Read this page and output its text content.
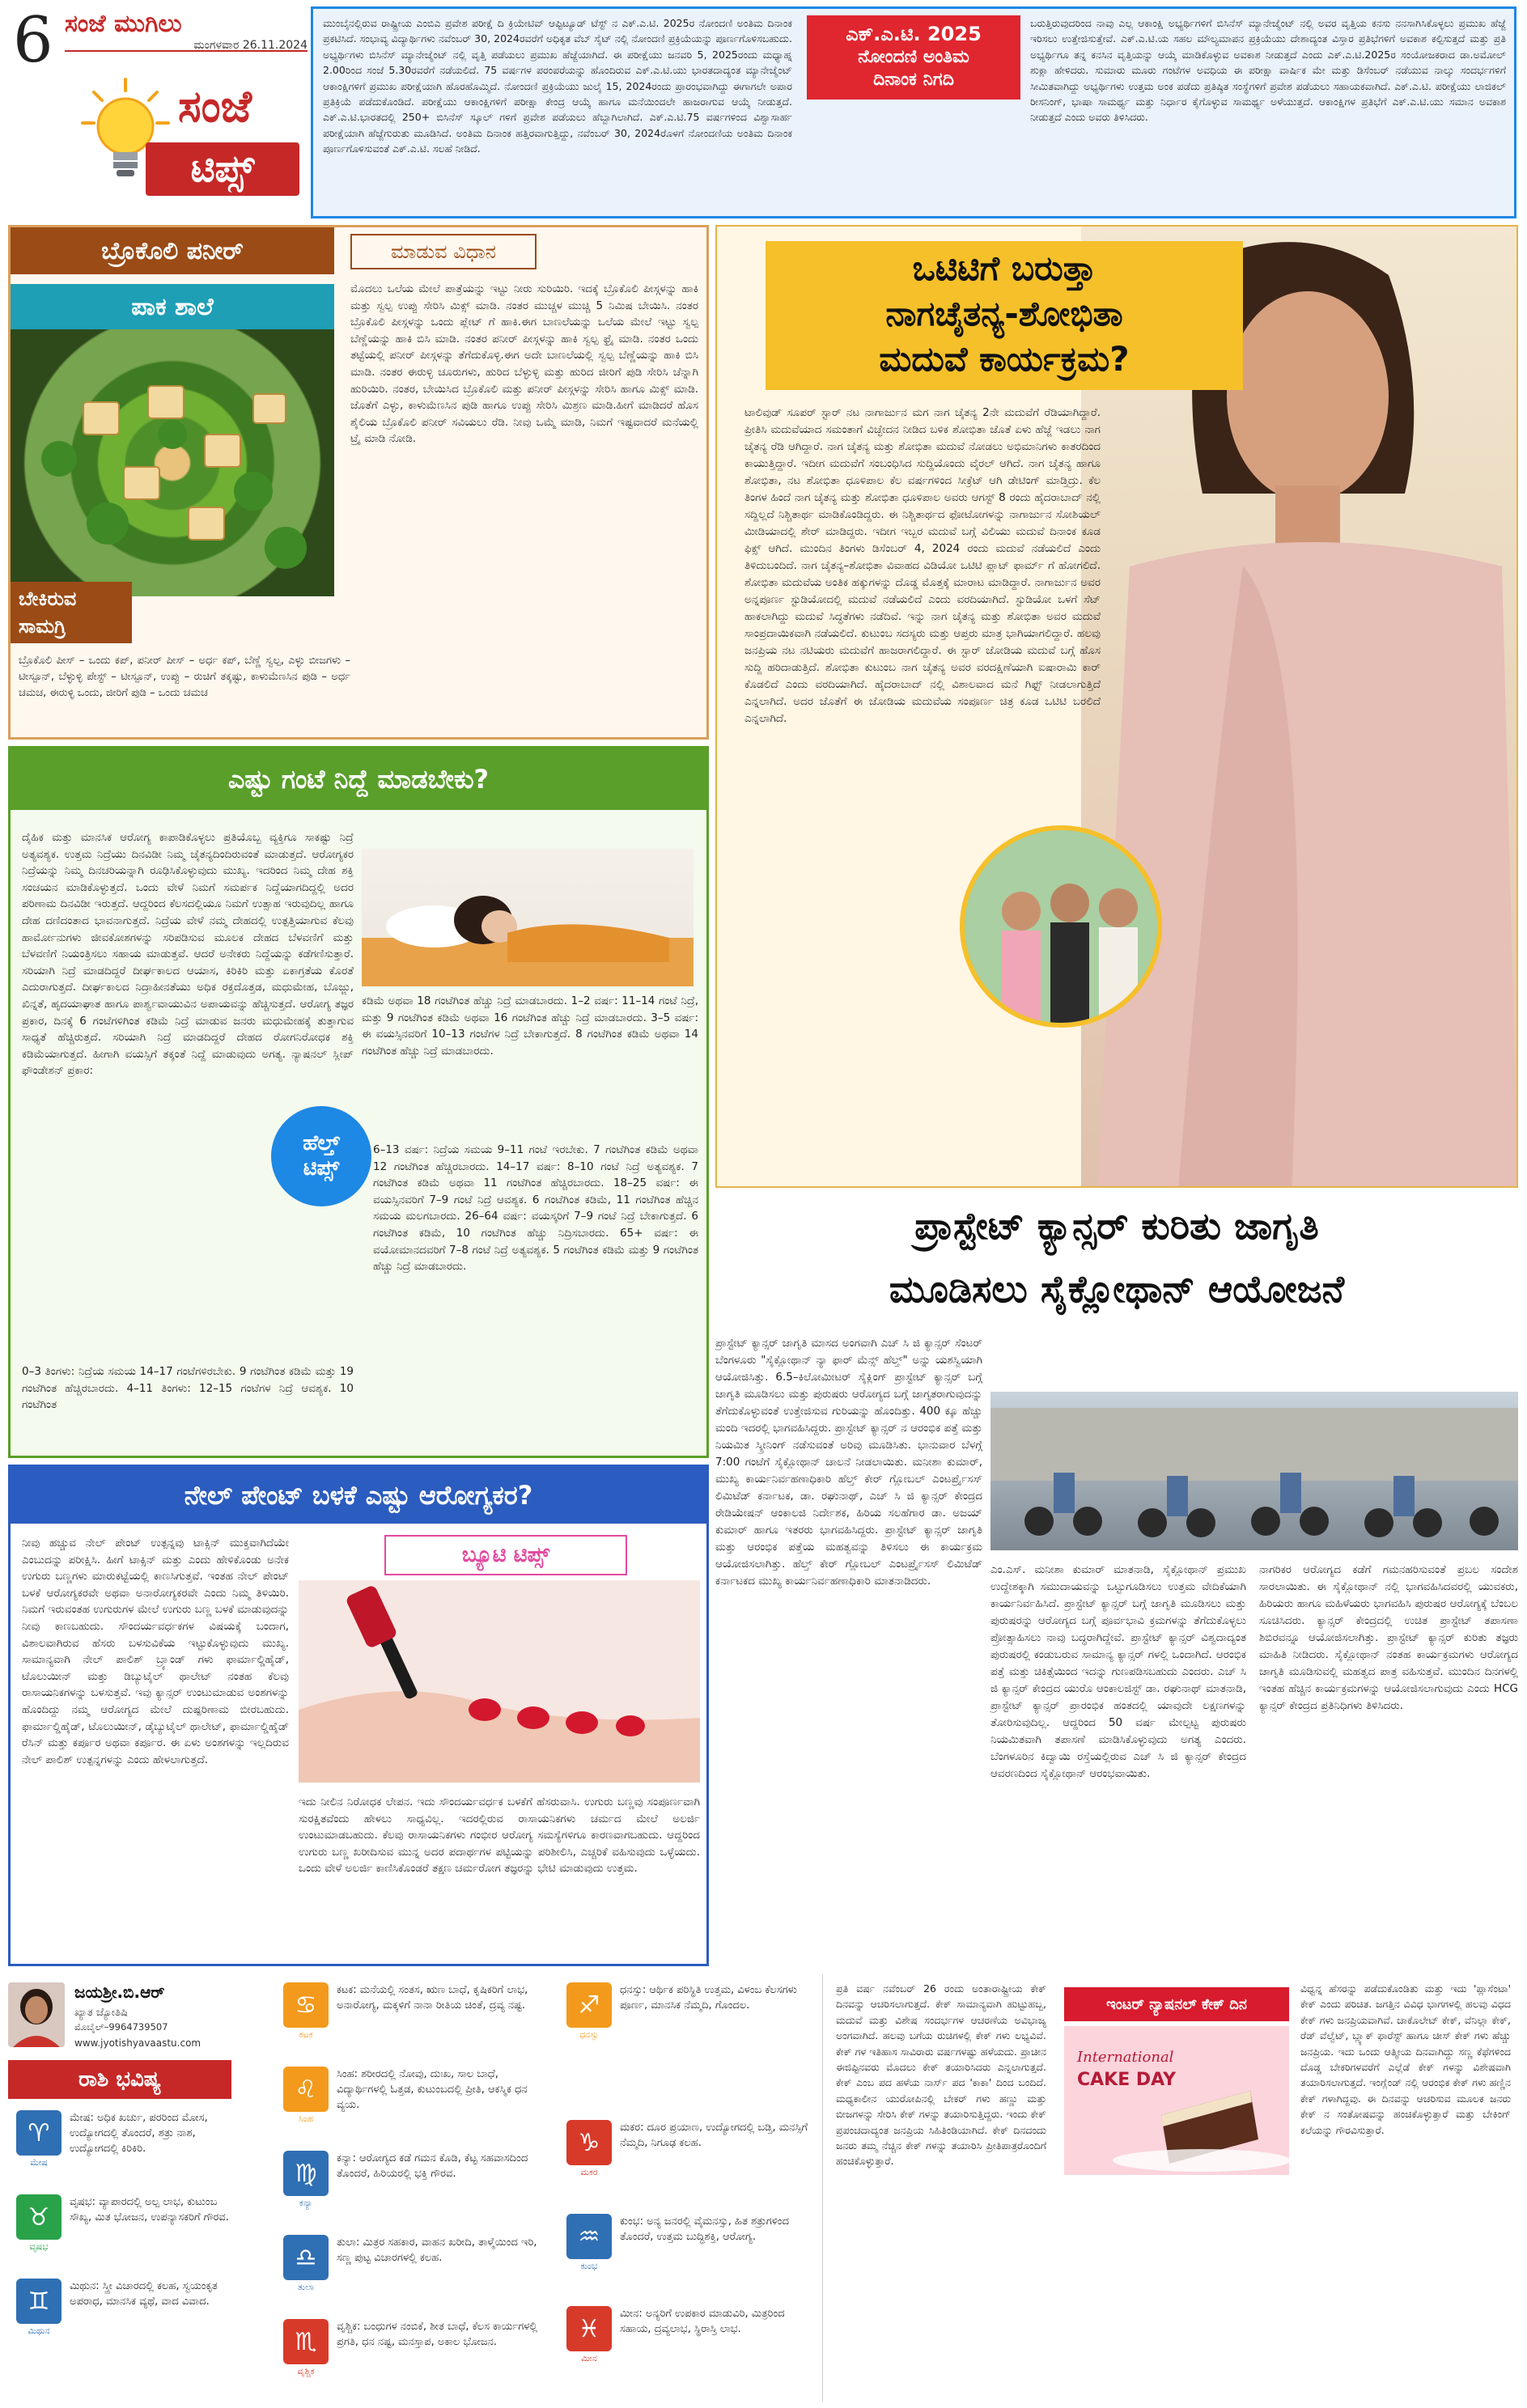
6 ಸಂಜೆ ಮುಗಿಲು
ಮಂಗಳವಾರ 26.11.2024
ಸಂಜೆ
ಟಿಪ್ಸ್

ಮುಂಬೈನಲ್ಲಿರುವ ರಾಷ್ಟ್ರೀಯ ಎಂಬಿಎ ಪ್ರವೇಶ ಪರೀಕ್ಷೆ ದಿ ಕ್ರಿಯೇಟಿವ್ ಆಪ್ಟಿಟ್ಯೂಡ್ ಟೆಸ್ಟ್ ನ ಎಕ್.ಎ.ಟಿ. 2025ರ ನೋಂದಣಿ ಅಂತಿಮ ದಿನಾಂಕ ಪ್ರಕಟಿಸಿದೆ. ಸಂಭಾವ್ಯ ವಿದ್ಯಾರ್ಥಿಗಳು ನವೆಂಬರ್ 30, 2024ರವರೆಗೆ ಅಧಿಕೃತ ವೆಬ್ ಸೈಟ್ ನಲ್ಲಿ ನೋಂದಣಿ ಪ್ರಕ್ರಿಯೆಯನ್ನು ಪೂರ್ಣಗೊಳಿಸಬಹುದು. ಅಭ್ಯರ್ಥಿಗಳು ಬಿಸಿನೆಸ್ ಮ್ಯಾನೇಜ್ಮೆಂಟ್ ನಲ್ಲಿ ವೃತ್ತಿ ಪಡೆಯಲು ಪ್ರಮುಖ ಹೆಜ್ಜೆಯಾಗಿದೆ. ಈ ಪರೀಕ್ಷೆಯು ಜನವರಿ 5, 2025ರಂದು ಮಧ್ಯಾಹ್ನ 2.00ರಿಂದ ಸಂಜೆ 5.30ರವರೆಗೆ ನಡೆಯಲಿದೆ. 75 ವರ್ಷಗಳ ಪರಂಪರೆಯನ್ನು ಹೊಂದಿರುವ ಎಕ್.ಎ.ಟಿ.ಯು ಭಾರತದಾದ್ಯಂತ ಮ್ಯಾನೇಜ್ಮೆಂಟ್ ಆಕಾಂಕ್ಷಿಗಳಿಗೆ ಪ್ರಮುಖ ಪರೀಕ್ಷೆಯಾಗಿ ಹೊರಹೊಮ್ಮಿದೆ. ನೋಂದಣಿ ಪ್ರಕ್ರಿಯೆಯು ಜುಲೈ 15, 2024ರಂದು ಪ್ರಾರಂಭವಾಗಿದ್ದು ಈಗಾಗಲೇ ಅಪಾರ ಪ್ರತಿಕ್ರಿಯೆ ಪಡೆದುಕೊಂಡಿದೆ. ಪರೀಕ್ಷೆಯು ಆಕಾಂಕ್ಷಿಗಳಿಗೆ ಪರೀಕ್ಷಾ ಕೇಂದ್ರ ಆಯ್ಕೆ ಹಾಗೂ ಮನೆಯಿಂದಲೇ ಹಾಜರಾಗುವ ಆಯ್ಕೆ ನೀಡುತ್ತದೆ. ಎಕ್.ಎ.ಟಿ.ಭಾರತದಲ್ಲಿ 250+ ಬಿಸಿನೆಸ್ ಸ್ಕೂಲ್ ಗಳಿಗೆ ಪ್ರವೇಶ ಪಡೆಯಲು ಹೆಬ್ಬಾಗಿಲಾಗಿದೆ. ಎಕ್.ಎ.ಟಿ.75 ವರ್ಷಗಳಿಂದ ವಿಶ್ವಾಸಾರ್ಹ ಪರೀಕ್ಷೆಯಾಗಿ ಹೆಜ್ಜೆಗುರುತು ಮೂಡಿಸಿದೆ. ಅಂತಿಮ ದಿನಾಂಕ ಹತ್ತಿರವಾಗುತ್ತಿದ್ದು, ನವೆಂಬರ್ 30, 2024ರೊಳಗೆ ನೋಂದಣಿಯ ಅಂತಿಮ ದಿನಾಂಕ ಪೂರ್ಣಗೊಳಿಸುವಂತೆ ಎಕ್.ಎ.ಟಿ. ಸಲಹೆ ನೀಡಿದೆ.

ಎಕ್.ಎ.ಟಿ. 2025
ನೋಂದಣಿ ಅಂತಿಮ
ದಿನಾಂಕ ನಿಗದಿ

ಬರುತ್ತಿರುವುದರಿಂದ ನಾವು ಎಲ್ಲ ಆಕಾಂಕ್ಷಿ ಅಭ್ಯರ್ಥಿಗಳಿಗೆ ಬಿಸಿನೆಸ್ ಮ್ಯಾನೇಜ್ಮೆಂಟ್ ನಲ್ಲಿ ಅವರ ವೃತ್ತಿಯ ಕನಸು ನನಸಾಗಿಸಿಕೊಳ್ಳಲು ಪ್ರಮುಖ ಹೆಜ್ಜೆ ಇರಿಸಲು ಉತ್ತೇಜಿಸುತ್ತೇವೆ. ಎಕ್.ಎ.ಟಿ.ಯ ಸಹಲ ಮೌಲ್ಯಮಾಪನ ಪ್ರಕ್ರಿಯೆಯು ದೇಶಾದ್ಯಂತ ವಿಸ್ತಾರ ಪ್ರತಿಭೆಗಳಿಗೆ ಅವಕಾಶ ಕಲ್ಪಿಸುತ್ತದೆ ಮತ್ತು ಪ್ರತಿ ಅಭ್ಯರ್ಥಿಗೂ ತನ್ನ ಕನಸಿನ ವೃತ್ತಿಯನ್ನು ಆಯ್ಕೆ ಮಾಡಿಕೊಳ್ಳುವ ಅವಕಾಶ ನೀಡುತ್ತದೆ ಎಂದು ಎಕ್.ಎ.ಟಿ.2025ರ ಸಂಯೋಜಕರಾದ ಡಾ.ಅಮೋಲ್ ಶುಕ್ಲಾ ಹೇಳಿದರು. ಸುಮಾರು ಮೂರು ಗಂಟೆಗಳ ಅವಧಿಯ ಈ ಪರೀಕ್ಷಾ ವಾರ್ಷಿಕ ಮೇ ಮತ್ತು ಡಿಸೆಂಬರ್ ನಡೆಯುವ ನಾಲ್ಕು ಸಂದರ್ಭಗಳಿಗೆ ಸೀಮಿತವಾಗಿದ್ದು ಅಭ್ಯರ್ಥಿಗಳು ಉತ್ತಮ ಅಂಕ ಪಡೆದು ಪ್ರತಿಷ್ಠಿತ ಸಂಸ್ಥೆಗಳಿಗೆ ಪ್ರವೇಶ ಪಡೆಯಲು ಸಹಾಯಕವಾಗಿದೆ. ಎಕ್.ಎ.ಟಿ. ಪರೀಕ್ಷೆಯು ಲಾಜಿಕಲ್ ರೀಸನಿಂಗ್, ಭಾಷಾ ಸಾಮರ್ಥ್ಯ ಮತ್ತು ನಿರ್ಧಾರ ಕೈಗೊಳ್ಳುವ ಸಾಮರ್ಥ್ಯ ಅಳೆಯುತ್ತದೆ. ಆಕಾಂಕ್ಷಿಗಳ ಪ್ರತಿಭೆಗೆ ಎಕ್.ಎ.ಟಿ.ಯು ಸಮಾನ ಅವಕಾಶ ನೀಡುತ್ತದೆ ಎಂದು ಅವರು ತಿಳಿಸಿದರು.

ಬ್ರೊಕೊಲಿ ಪನೀರ್	ಮಾಡುವ ವಿಧಾನ
ಪಾಕ ಶಾಲೆ
ಬೇಕಿರುವ ಸಾಮಗ್ರಿ

ಬ್ರೊಕೊಲಿ ಪೀಸ್ – ಒಂದು ಕಪ್, ಪನೀರ್ ಪೀಸ್ – ಅರ್ಧ ಕಪ್, ಬೆಣ್ಣೆ ಸ್ವಲ್ಪ, ಎಳ್ಳು ಬೀಜಗಳು – ಟೀಸ್ಪೂನ್, ಬೆಳ್ಳುಳ್ಳಿ ಪೇಸ್ಟ್ – ಟೀಸ್ಪೂನ್, ಉಪ್ಪು – ರುಚಿಗೆ ತಕ್ಕಷ್ಟು, ಕಾಳುಮೆಣಸಿನ ಪುಡಿ – ಅರ್ಧ ಚಮಚ, ಈರುಳ್ಳಿ ಒಂದು, ಜೀರಿಗೆ ಪುಡಿ – ಒಂದು ಚಮಚ

ಮೊದಲು ಒಲೆಯ ಮೇಲೆ ಪಾತ್ರೆಯನ್ನು ಇಟ್ಟು ನೀರು ಸುರಿಯಿರಿ. ಇದಕ್ಕೆ ಬ್ರೊಕೊಲಿ ಪೀಸ್ಗಳನ್ನು ಹಾಕಿ ಮತ್ತು ಸ್ವಲ್ಪ ಉಪ್ಪು ಸೇರಿಸಿ ಮಿಕ್ಸ್ ಮಾಡಿ. ನಂತರ ಮುಚ್ಚಳ ಮುಚ್ಚಿ 5 ನಿಮಿಷ ಬೇಯಿಸಿ. ನಂತರ ಬ್ರೊಕೊಲಿ ಪೀಸ್ಗಳನ್ನು ಒಂದು ಪ್ಲೇಟ್ ಗೆ ಹಾಕಿ.ಈಗ ಬಾಣಲೆಯನ್ನು ಒಲೆಯ ಮೇಲೆ ಇಟ್ಟು ಸ್ವಲ್ಪ ಬೆಣ್ಣೆಯನ್ನು ಹಾಕಿ ಬಿಸಿ ಮಾಡಿ. ನಂತರ ಪನೀರ್ ಪೀಸ್ಗಳನ್ನು ಹಾಕಿ ಸ್ವಲ್ಪ ಫ್ರೈ ಮಾಡಿ. ನಂತರ ಒಂದು ತಟ್ಟೆಯಲ್ಲಿ ಪನೀರ್ ಪೀಸ್ಗಳನ್ನು ತೆಗೆದುಕೊಳ್ಳಿ.ಈಗ ಅದೇ ಬಾಣಲೆಯಲ್ಲಿ ಸ್ವಲ್ಪ ಬೆಣ್ಣೆಯನ್ನು ಹಾಕಿ ಬಿಸಿ ಮಾಡಿ. ನಂತರ ಈರುಳ್ಳಿ ಚೂರುಗಳು, ಹುರಿದ ಬೆಳ್ಳುಳ್ಳಿ ಮತ್ತು ಹುರಿದ ಜೀರಿಗೆ ಪುಡಿ ಸೇರಿಸಿ ಚೆನ್ನಾಗಿ ಹುರಿಯಿರಿ. ನಂತರ, ಬೇಯಿಸಿದ ಬ್ರೊಕೊಲಿ ಮತ್ತು ಪನೀರ್ ಪೀಸ್ಗಳನ್ನು ಸೇರಿಸಿ ಹಾಗೂ ಮಿಕ್ಸ್ ಮಾಡಿ. ಜೊತೆಗೆ ಎಳ್ಳು, ಕಾಳುಮೆಣಸಿನ ಪುಡಿ ಹಾಗೂ ಉಪ್ಪು ಸೇರಿಸಿ ಮಿಶ್ರಣ ಮಾಡಿ.ಹೀಗೆ ಮಾಡಿದರೆ ಹೊಸ ಶೈಲಿಯ ಬ್ರೊಕೊಲಿ ಪನೀರ್ ಸವಿಯಲು ರೆಡಿ. ನೀವು ಒಮ್ಮೆ ಮಾಡಿ, ನಿಮಗೆ ಇಷ್ಟವಾದರೆ ಮನೆಯಲ್ಲಿ ಟ್ರೈ ಮಾಡಿ ನೋಡಿ.

ಎಷ್ಟು ಗಂಟೆ ನಿದ್ದೆ ಮಾಡಬೇಕು?

ದೈಹಿಕ ಮತ್ತು ಮಾನಸಿಕ ಆರೋಗ್ಯ ಕಾಪಾಡಿಕೊಳ್ಳಲು ಪ್ರತಿಯೊಬ್ಬ ವ್ಯಕ್ತಿಗೂ ಸಾಕಷ್ಟು ನಿದ್ರೆ ಅತ್ಯವಶ್ಯಕ. ಉತ್ತಮ ನಿದ್ರೆಯು ದಿನವಿಡೀ ನಿಮ್ಮ ಚೈತನ್ಯದಿಂದಿರುವಂತೆ ಮಾಡುತ್ತದೆ. ಆರೋಗ್ಯಕರ ನಿದ್ರೆಯನ್ನು ನಿಮ್ಮ ದಿನಚರಿಯನ್ನಾಗಿ ರೂಢಿಸಿಕೊಳ್ಳುವುದು ಮುಖ್ಯ. ಇದರಿಂದ ನಿಮ್ಮ ದೇಹ ಶಕ್ತಿ ಸಂಚಯನ ಮಾಡಿಕೊಳ್ಳುತ್ತದೆ. ಒಂದು ವೇಳೆ ನಿಮಗೆ ಸಮರ್ಪಕ ನಿದ್ದೆಯಾಗದಿದ್ದಲ್ಲಿ ಅದರ ಪರಿಣಾಮ ದಿನವಿಡೀ ಇರುತ್ತದೆ. ಆದ್ದರಿಂದ ಕೆಲಸದಲ್ಲಿಯೂ ನಿಮಗೆ ಉತ್ಸಾಹ ಇರುವುದಿಲ್ಲ ಹಾಗೂ ದೇಹ ದಣಿದಂತಾದ ಭಾವನಾಗುತ್ತದೆ. ನಿದ್ರೆಯ ವೇಳೆ ನಮ್ಮ ದೇಹದಲ್ಲಿ ಉತ್ಪತ್ತಿಯಾಗುವ ಕೆಲವು ಹಾರ್ಮೋನುಗಳು ಜೀವಕೋಶಗಳನ್ನು ಸರಿಪಡಿಸುವ ಮೂಲಕ ದೇಹದ ಬೆಳವಣಿಗೆ ಮತ್ತು ಬೆಳವಣಿಗೆ ನಿಯಂತ್ರಿಸಲು ಸಹಾಯ ಮಾಡುತ್ತವೆ. ಆದರೆ ಅನೇಕರು ನಿದ್ದೆಯನ್ನು ಕಡೆಗಣಿಸುತ್ತಾರೆ. ಸರಿಯಾಗಿ ನಿದ್ರೆ ಮಾಡದಿದ್ದರೆ ದೀರ್ಘಕಾಲದ ಆಯಾಸ, ಕಿರಿಕಿರಿ ಮತ್ತು ಏಕಾಗ್ರತೆಯ ಕೊರತೆ ಎದುರಾಗುತ್ತದೆ. ದೀರ್ಘಕಾಲದ ನಿದ್ರಾಹೀನತೆಯು ಅಧಿಕ ರಕ್ತದೊತ್ತಡ, ಮಧುಮೇಹ, ಬೊಜ್ಜು, ಖಿನ್ನತೆ, ಹೃದಯಾಘಾತ ಹಾಗೂ ಪಾರ್ಶ್ವವಾಯುವಿನ ಅಪಾಯವನ್ನು ಹೆಚ್ಚಿಸುತ್ತದೆ. ಆರೋಗ್ಯ ತಜ್ಞರ ಪ್ರಕಾರ, ದಿನಕ್ಕೆ 6 ಗಂಟೆಗಳಿಗಿಂತ ಕಡಿಮೆ ನಿದ್ರೆ ಮಾಡುವ ಜನರು ಮಧುಮೇಹಕ್ಕೆ ತುತ್ತಾಗುವ ಸಾಧ್ಯತೆ ಹೆಚ್ಚಿರುತ್ತದೆ. ಸರಿಯಾಗಿ ನಿದ್ರೆ ಮಾಡದಿದ್ದರೆ ದೇಹದ ರೋಗನಿರೋಧಕ ಶಕ್ತಿ ಕಡಿಮೆಯಾಗುತ್ತದೆ. ಹೀಗಾಗಿ ವಯಸ್ಸಿಗೆ ತಕ್ಕಂತೆ ನಿದ್ದೆ ಮಾಡುವುದು ಅಗತ್ಯ. ನ್ಯಾಷನಲ್ ಸ್ಲೀಪ್ ಫೌಂಡೇಶನ್ ಪ್ರಕಾರ:

ಕಡಿಮೆ ಅಥವಾ 18 ಗಂಟೆಗಿಂತ ಹೆಚ್ಚು ನಿದ್ರೆ ಮಾಡಬಾರದು. 1–2 ವರ್ಷ: 11–14 ಗಂಟೆ ನಿದ್ರೆ, ಮತ್ತು 9 ಗಂಟೆಗಿಂತ ಕಡಿಮೆ ಅಥವಾ 16 ಗಂಟೆಗಿಂತ ಹೆಚ್ಚು ನಿದ್ರೆ ಮಾಡಬಾರದು. 3–5 ವರ್ಷ: ಈ ವಯಸ್ಸಿನವರಿಗೆ 10–13 ಗಂಟೆಗಳ ನಿದ್ರೆ ಬೇಕಾಗುತ್ತದೆ. 8 ಗಂಟೆಗಿಂತ ಕಡಿಮೆ ಅಥವಾ 14 ಗಂಟೆಗಿಂತ ಹೆಚ್ಚು ನಿದ್ರೆ ಮಾಡಬಾರದು.

ಹೆಲ್ತ್
ಟಿಪ್ಸ್

6–13 ವರ್ಷ: ನಿದ್ರೆಯ ಸಮಯ 9–11 ಗಂಟೆ ಇರಬೇಕು. 7 ಗಂಟೆಗಿಂತ ಕಡಿಮೆ ಅಥವಾ 12 ಗಂಟೆಗಿಂತ ಹೆಚ್ಚಿರಬಾರದು. 14–17 ವರ್ಷ: 8–10 ಗಂಟೆ ನಿದ್ರೆ ಅತ್ಯವಶ್ಯಕ. 7 ಗಂಟೆಗಿಂತ ಕಡಿಮೆ ಅಥವಾ 11 ಗಂಟೆಗಿಂತ ಹೆಚ್ಚಿರಬಾರದು. 18–25 ವರ್ಷ: ಈ ವಯಸ್ಸಿನವರಿಗೆ 7–9 ಗಂಟೆ ನಿದ್ರೆ ಆವಶ್ಯಕ. 6 ಗಂಟೆಗಿಂತ ಕಡಿಮೆ, 11 ಗಂಟೆಗಿಂತ ಹೆಚ್ಚಿನ ಸಮಯ ಮಲಗಬಾರದು. 26–64 ವರ್ಷ: ವಯಸ್ಕರಿಗೆ 7–9 ಗಂಟೆ ನಿದ್ರೆ ಬೇಕಾಗುತ್ತದೆ. 6 ಗಂಟೆಗಿಂತ ಕಡಿಮೆ, 10 ಗಂಟೆಗಿಂತ ಹೆಚ್ಚು ನಿದ್ರಿಸಬಾರದು. 65+ ವರ್ಷ: ಈ ವಯೋಮಾನದವರಿಗೆ 7–8 ಗಂಟೆ ನಿದ್ರೆ ಅತ್ಯವಶ್ಯಕ. 5 ಗಂಟೆಗಿಂತ ಕಡಿಮೆ ಮತ್ತು 9 ಗಂಟೆಗಿಂತ ಹೆಚ್ಚು ನಿದ್ರೆ ಮಾಡಬಾರದು.

0–3 ತಿಂಗಳು: ನಿದ್ರೆಯ ಸಮಯ 14–17 ಗಂಟೆಗಳಿರಬೇಕು. 9 ಗಂಟೆಗಿಂತ ಕಡಿಮೆ ಮತ್ತು 19 ಗಂಟೆಗಿಂತ ಹೆಚ್ಚಿರಬಾರದು. 4–11 ತಿಂಗಳು: 12–15 ಗಂಟೆಗಳ ನಿದ್ರೆ ಆವಶ್ಯಕ. 10 ಗಂಟೆಗಿಂತ

ನೇಲ್ ಪೇಂಟ್ ಬಳಕೆ ಎಷ್ಟು ಆರೋಗ್ಯಕರ?

ನೀವು ಹಚ್ಚುವ ನೇಲ್ ಪೇಂಟ್ ಉತ್ಪನ್ನವು ಟಾಕ್ಸಿನ್ ಮುಕ್ತವಾಗಿದೆಯೇ ಎಂಬುದನ್ನು ಪರೀಕ್ಷಿಸಿ. ಹೀಗೆ ಟಾಕ್ಸಿನ್ ಮತ್ತು ಎಂದು ಹೇಳಿಕೊಂಡು ಅನೇಕ ಉಗುರು ಬಣ್ಣಗಳು ಮಾರುಕಟ್ಟೆಯಲ್ಲಿ ಕಾಣಸಿಗುತ್ತವೆ. ಇಂತಹ ನೇಲ್ ಪೇಂಟ್ ಬಳಕೆ ಆರೋಗ್ಯಕರವೇ ಅಥವಾ ಅನಾರೋಗ್ಯಕರವೇ ಎಂದು ನಿಮ್ಮ ತಿಳಿಯಿರಿ. ನಿಮಗೆ ಇರುವಂತಹ ಉಗುರುಗಳ ಮೇಲೆ ಉಗುರು ಬಣ್ಣ ಬಳಕೆ ಮಾಡುವುದನ್ನು ನೀವು ಕಾಣಬಹುದು. ಸೌಂದರ್ಯವರ್ಧಕಗಳ ವಿಷಯಕ್ಕೆ ಬಂದಾಗ, ವಿಶಾಲವಾಗಿರುವ ಹೆಸರು ಬಳಸುವಿಕೆಯ ಇಟ್ಟುಕೊಳ್ಳುವುದು ಮುಖ್ಯ. ಸಾಮಾನ್ಯವಾಗಿ ನೇಲ್ ಪಾಲಿಶ್ ಬ್ರ್ಯಾಂಡ್ ಗಳು ಫಾರ್ಮಾಲ್ಡಿಹೈಡ್, ಟೊಲುಯೀನ್ ಮತ್ತು ಡಿಬ್ಯುಟೈಲ್ ಥಾಲೇಟ್ ನಂತಹ ಕೆಲವು ರಾಸಾಯನಿಕಗಳನ್ನು ಬಳಸುತ್ತವೆ. ಇವು ಕ್ಯಾನ್ಸರ್ ಉಂಟುಮಾಡುವ ಅಂಶಗಳನ್ನು ಹೊಂದಿದ್ದು ನಮ್ಮ ಆರೋಗ್ಯದ ಮೇಲೆ ದುಷ್ಪರಿಣಾಮ ಬೀರಬಹುದು. ಫಾರ್ಮಾಲ್ಡಿಹೈಡ್, ಟೊಲುಯೀನ್, ಡೈಬ್ಯುಟೈಲ್ ಥಾಲೇಟ್, ಫಾರ್ಮಾಲ್ಡಿಹೈಡ್ ರೆಸಿನ್ ಮತ್ತು ಕರ್ಪೂರ ಅಥವಾ ಕರ್ಪೂರ. ಈ ಏಳು ಅಂಶಗಳನ್ನು ಇಲ್ಲದಿರುವ ನೇಲ್ ಪಾಲಿಶ್ ಉತ್ಪನ್ನಗಳನ್ನು ಎಂದು ಹೇಳಲಾಗುತ್ತದೆ.

ಬ್ಯೂಟಿ ಟಿಪ್ಸ್

ಇದು ನೀಲಿನ ನಿರೋಧಕ ಲೇಪನ. ಇದು ಸೌಂದರ್ಯವರ್ಧಕ ಬಳಕೆಗೆ ಹೆಸರುವಾಸಿ. ಉಗುರು ಬಣ್ಣವು ಸಂಪೂರ್ಣವಾಗಿ ಸುರಕ್ಷಿತವೆಂದು ಹೇಳಲು ಸಾಧ್ಯವಿಲ್ಲ. ಇದರಲ್ಲಿರುವ ರಾಸಾಯನಿಕಗಳು ಚರ್ಮದ ಮೇಲೆ ಅಲರ್ಜಿ ಉಂಟುಮಾಡಬಹುದು. ಕೆಲವು ರಾಸಾಯನಿಕಗಳು ಗಂಭೀರ ಆರೋಗ್ಯ ಸಮಸ್ಯೆಗಳಿಗೂ ಕಾರಣವಾಗಬಹುದು. ಆದ್ದರಿಂದ ಉಗುರು ಬಣ್ಣ ಖರೀದಿಸುವ ಮುನ್ನ ಅದರ ಪದಾರ್ಥಗಳ ಪಟ್ಟಿಯನ್ನು ಪರಿಶೀಲಿಸಿ, ಎಚ್ಚರಿಕೆ ವಹಿಸುವುದು ಒಳ್ಳೆಯದು. ಒಂದು ವೇಳೆ ಅಲರ್ಜಿ ಕಾಣಿಸಿಕೊಂಡರೆ ತಕ್ಷಣ ಚರ್ಮರೋಗ ತಜ್ಞರನ್ನು ಭೇಟಿ ಮಾಡುವುದು ಉತ್ತಮ.

ಒಟಿಟಿಗೆ ಬರುತ್ತಾ
ನಾಗಚೈತನ್ಯ-ಶೋಭಿತಾ
ಮದುವೆ ಕಾರ್ಯಕ್ರಮ?

ಟಾಲಿವುಡ್ ಸೂಪರ್ ಸ್ಟಾರ್ ನಟ ನಾಗಾರ್ಜುನ ಮಗ ನಾಗ ಚೈತನ್ಯ 2ನೇ ಮದುವೆಗೆ ರೆಡಿಯಾಗಿದ್ದಾರೆ. ಪ್ರೀತಿಸಿ ಮದುವೆಯಾದ ಸಮಂತಾಗೆ ವಿಚ್ಛೇದನ ನೀಡಿದ ಬಳಿಕ ಶೋಭಿತಾ ಜೊತೆ ಏಳು ಹೆಜ್ಜೆ ಇಡಲು ನಾಗ ಚೈತನ್ಯ ರೆಡಿ ಆಗಿದ್ದಾರೆ. ನಾಗ ಚೈತನ್ಯ ಮತ್ತು ಶೋಭಿತಾ ಮದುವೆ ನೋಡಲು ಅಭಿಮಾನಿಗಳು ಕಾತರದಿಂದ ಕಾಯುತ್ತಿದ್ದಾರೆ. ಇದೀಗ ಮದುವೆಗೆ ಸಂಬಂಧಿಸಿದ ಸುದ್ದಿಯೊಂದು ವೈರಲ್ ಆಗಿದೆ. ನಾಗ ಚೈತನ್ಯ ಹಾಗೂ ಶೋಭಿತಾ, ನಟ ಶೋಭಿತಾ ಧೂಳಿಪಾಲ ಕೆಲ ವರ್ಷಗಳಿಂದ ಸೀಕ್ರೆಟ್ ಆಗಿ ಡೇಟಿಂಗ್ ಮಾಡ್ತಿದ್ರು. ಕೆಲ ತಿಂಗಳ ಹಿಂದೆ ನಾಗ ಚೈತನ್ಯ ಮತ್ತು ಶೋಭಿತಾ ಧೂಳಿಪಾಲ ಅವರು ಆಗಸ್ಟ್ 8 ರಂದು ಹೈದರಾಬಾದ್ ನಲ್ಲಿ ಸದ್ದಿಲ್ಲದೆ ನಿಶ್ಚಿತಾರ್ಥ ಮಾಡಿಕೊಂಡಿದ್ದರು. ಈ ನಿಶ್ಚಿತಾರ್ಥದ ಫೋಟೋಗಳನ್ನು ನಾಗಾರ್ಜುನ ಸೋಶಿಯಲ್ ಮೀಡಿಯಾದಲ್ಲಿ ಶೇರ್ ಮಾಡಿದ್ದರು. ಇದೀಗ ಇಬ್ಬರ ಮದುವೆ ಬಗ್ಗೆ ವಿಲಿಯು ಮದುವೆ ದಿನಾಂಕ ಕೂಡ ಫಿಕ್ಸ್ ಆಗಿದೆ. ಮುಂದಿನ ತಿಂಗಳು ಡಿಸೆಂಬರ್ 4, 2024 ರಂದು ಮದುವೆ ನಡೆಯಲಿದೆ ಎಂದು ತಿಳಿದುಬಂದಿದೆ. ನಾಗ ಚೈತನ್ಯ–ಶೋಭಿತಾ ವಿವಾಹದ ವಿಡಿಯೋ ಒಟಿಟಿ ಪ್ಲಾಟ್ ಫಾರ್ಮ್ ಗೆ ಹೋಗಲಿದೆ. ಶೋಭಿತಾ ಮದುವೆಯ ಅಂತಿಕ ಹಕ್ಕುಗಳನ್ನು ದೊಡ್ಡ ಮೊತ್ತಕ್ಕೆ ಮಾರಾಟ ಮಾಡಿದ್ದಾರೆ. ನಾಗಾರ್ಜುನ ಅವರ ಅನ್ನಪೂರ್ಣ ಸ್ಟುಡಿಯೋದಲ್ಲಿ ಮದುವೆ ನಡೆಯಲಿದೆ ಎಂದು ವರದಿಯಾಗಿದೆ. ಸ್ಟುಡಿಯೋ ಒಳಗೆ ಸೆಟ್ ಹಾಕಲಾಗಿದ್ದು ಮದುವೆ ಸಿದ್ಧತೆಗಳು ನಡೆದಿವೆ. ಇನ್ನು ನಾಗ ಚೈತನ್ಯ ಮತ್ತು ಶೋಭಿತಾ ಅವರ ಮದುವೆ ಸಾಂಪ್ರದಾಯಿಕವಾಗಿ ನಡೆಯಲಿದೆ. ಕುಟುಂಬ ಸದಸ್ಯರು ಮತ್ತು ಆಪ್ತರು ಮಾತ್ರ ಭಾಗಿಯಾಗಲಿದ್ದಾರೆ. ಹಲವು ಜನಪ್ರಿಯ ನಟ ನಟಿಯರು ಮದುವೆಗೆ ಹಾಜರಾಗಲಿದ್ದಾರೆ. ಈ ಸ್ಟಾರ್ ಜೋಡಿಯ ಮದುವೆ ಬಗ್ಗೆ ಹೊಸ ಸುದ್ದಿ ಹರಿದಾಡುತ್ತಿದೆ. ಶೋಭಿತಾ ಕುಟುಂಬ ನಾಗ ಚೈತನ್ಯ ಅವರ ವರದಕ್ಷಿಣೆಯಾಗಿ ಐಷಾರಾಮಿ ಕಾರ್ ಕೊಡಲಿದೆ ಎಂದು ವರದಿಯಾಗಿದೆ. ಹೈದರಾಬಾದ್ ನಲ್ಲಿ ವಿಶಾಲವಾದ ಮನೆ ಗಿಫ್ಟ್ ನೀಡಲಾಗುತ್ತಿದೆ ಎನ್ನಲಾಗಿದೆ. ಅದರ ಜೊತೆಗೆ ಈ ಜೋಡಿಯ ಮದುವೆಯ ಸಂಪೂರ್ಣ ಚಿತ್ರ ಕೂಡ ಒಟಿಟಿ ಬರಲಿದೆ ಎನ್ನಲಾಗಿದೆ.

ಪ್ರಾಸ್ಟೇಟ್ ಕ್ಯಾನ್ಸರ್ ಕುರಿತು ಜಾಗೃತಿ
ಮೂಡಿಸಲು ಸೈಕ್ಲೋಥಾನ್ ಆಯೋಜನೆ

ಪ್ರಾಸ್ಟೇಟ್ ಕ್ಯಾನ್ಸರ್ ಜಾಗೃತಿ ಮಾಸದ ಅಂಗವಾಗಿ ಎಚ್ ಸಿ ಜಿ ಕ್ಯಾನ್ಸರ್ ಸೆಂಟರ್ ಬೆಂಗಳೂರು "ಸೈಕ್ಲೋಥಾನ್ ನ್ಯಾ ಫಾರ್ ಮೆನ್ಸ್ ಹೆಲ್ತ್" ಅನ್ನು ಯಶಸ್ವಿಯಾಗಿ ಆಯೋಜಿಸಿತ್ತು. 6.5–ಕಿಲೋಮೀಟರ್ ಸೈಕ್ಲಿಂಗ್ ಪ್ರಾಸ್ಟೇಟ್ ಕ್ಯಾನ್ಸರ್ ಬಗ್ಗೆ ಜಾಗೃತಿ ಮೂಡಿಸಲು ಮತ್ತು ಪುರುಷರು ಆರೋಗ್ಯದ ಬಗ್ಗೆ ಜಾಗೃತರಾಗುವುದನ್ನು ತೆಗೆದುಕೊಳ್ಳುವಂತೆ ಉತ್ತೇಜಿಸುವ ಗುರಿಯನ್ನು ಹೊಂದಿತ್ತು. 400 ಕ್ಕೂ ಹೆಚ್ಚು ಮಂದಿ ಇದರಲ್ಲಿ ಭಾಗವಹಿಸಿದ್ದರು. ಪ್ರಾಸ್ಟೇಟ್ ಕ್ಯಾನ್ಸರ್ ನ ಆರಂಭಿಕ ಪತ್ತೆ ಮತ್ತು ನಿಯಮಿತ ಸ್ಕ್ರೀನಿಂಗ್ ನಡೆಸುವಂತೆ ಅರಿವು ಮೂಡಿಸಿತು. ಭಾನುವಾರ ಬೆಳಗ್ಗೆ 7:00 ಗಂಟೆಗೆ ಸೈಕ್ಲೋಥಾನ್ ಚಾಲನೆ ನೀಡಲಾಯಿತು. ಮನೀಶಾ ಕುಮಾರ್, ಮುಖ್ಯ ಕಾರ್ಯನಿರ್ವಹಣಾಧಿಕಾರಿ ಹೆಲ್ತ್ ಕೇರ್ ಗ್ಲೋಬಲ್ ಎಂಟರ್ಪ್ರೈಸಸ್ ಲಿಮಿಟೆಡ್ ಕರ್ನಾಟಕ, ಡಾ. ರಘುನಾಥ್, ಎಚ್ ಸಿ ಜಿ ಕ್ಯಾನ್ಸರ್ ಕೇಂದ್ರದ ರೇಡಿಯೇಷನ್ ಆಂಕಾಲಜಿ ನಿರ್ದೇಶಕ, ಹಿರಿಯ ಸಲಹೆಗಾರ ಡಾ. ಅಜಯ್ ಕುಮಾರ್ ಹಾಗೂ ಇತರರು ಭಾಗವಹಿಸಿದ್ದರು. ಪ್ರಾಸ್ಟೇಟ್ ಕ್ಯಾನ್ಸರ್ ಜಾಗೃತಿ ಮತ್ತು ಆರಂಭಿಕ ಪತ್ತೆಯ ಮಹತ್ವವನ್ನು ತಿಳಿಸಲು ಈ ಕಾರ್ಯಕ್ರಮ ಆಯೋಜಿಸಲಾಗಿತ್ತು. ಹೆಲ್ತ್ ಕೇರ್ ಗ್ಲೋಬಲ್ ಎಂಟರ್ಪ್ರೈಸಸ್ ಲಿಮಿಟೆಡ್ ಕರ್ನಾಟಕದ ಮುಖ್ಯ ಕಾರ್ಯನಿರ್ವಹಣಾಧಿಕಾರಿ ಮಾತನಾಡಿದರು.

ಎಂ.ಎಸ್. ಮನೀಶಾ ಕುಮಾರ್ ಮಾತನಾಡಿ, ಸೈಕ್ಲೋಥಾನ್ ಪ್ರಮುಖ ಉದ್ದೇಶಕ್ಕಾಗಿ ಸಮುದಾಯವನ್ನು ಒಟ್ಟುಗೂಡಿಸಲು ಉತ್ತಮ ವೇದಿಕೆಯಾಗಿ ಕಾರ್ಯನಿರ್ವಹಿಸಿದೆ. ಪ್ರಾಸ್ಟೇಟ್ ಕ್ಯಾನ್ಸರ್ ಬಗ್ಗೆ ಜಾಗೃತಿ ಮೂಡಿಸಲು ಮತ್ತು ಪುರುಷರನ್ನು ಆರೋಗ್ಯದ ಬಗ್ಗೆ ಪೂರ್ವಭಾವಿ ಕ್ರಮಗಳನ್ನು ತೆಗೆದುಕೊಳ್ಳಲು ಪ್ರೋತ್ಸಾಹಿಸಲು ನಾವು ಬದ್ಧರಾಗಿದ್ದೇವೆ. ಪ್ರಾಸ್ಟೇಟ್ ಕ್ಯಾನ್ಸರ್ ವಿಶ್ವದಾದ್ಯಂತ ಪುರುಷರಲ್ಲಿ ಕಂಡುಬರುವ ಸಾಮಾನ್ಯ ಕ್ಯಾನ್ಸರ್ ಗಳಲ್ಲಿ ಒಂದಾಗಿದೆ. ಆರಂಭಿಕ ಪತ್ತೆ ಮತ್ತು ಚಿಕಿತ್ಸೆಯಿಂದ ಇದನ್ನು ಗುಣಪಡಿಸಬಹುದು ಎಂದರು. ಎಚ್ ಸಿ ಜಿ ಕ್ಯಾನ್ಸರ್ ಕೇಂದ್ರದ ಯುರೊ ಆಂಕಾಲಜಿಸ್ಟ್ ಡಾ. ರಘುನಾಥ್ ಮಾತನಾಡಿ, ಪ್ರಾಸ್ಟೇಟ್ ಕ್ಯಾನ್ಸರ್ ಪ್ರಾರಂಭಿಕ ಹಂತದಲ್ಲಿ ಯಾವುದೇ ಲಕ್ಷಣಗಳನ್ನು ತೋರಿಸುವುದಿಲ್ಲ. ಆದ್ದರಿಂದ 50 ವರ್ಷ ಮೇಲ್ಪಟ್ಟ ಪುರುಷರು ನಿಯಮಿತವಾಗಿ ತಪಾಸಣೆ ಮಾಡಿಸಿಕೊಳ್ಳುವುದು ಅಗತ್ಯ ಎಂದರು. ಬೆಂಗಳೂರಿನ ಕಿದ್ವಾಯಿ ರಸ್ತೆಯಲ್ಲಿರುವ ಎಚ್ ಸಿ ಜಿ ಕ್ಯಾನ್ಸರ್ ಕೇಂದ್ರದ ಆವರಣದಿಂದ ಸೈಕ್ಲೋಥಾನ್ ಆರಂಭವಾಯಿತು.

ನಾಗರಿಕರ ಆರೋಗ್ಯದ ಕಡೆಗೆ ಗಮನಹರಿಸುವಂತೆ ಪ್ರಬಲ ಸಂದೇಶ ಸಾರಲಾಯಿತು. ಈ ಸೈಕ್ಲೋಥಾನ್ ನಲ್ಲಿ ಭಾಗವಹಿಸಿದವರಲ್ಲಿ ಯುವಕರು, ಹಿರಿಯರು ಹಾಗೂ ಮಹಿಳೆಯರು ಭಾಗವಹಿಸಿ ಪುರುಷರ ಆರೋಗ್ಯಕ್ಕೆ ಬೆಂಬಲ ಸೂಚಿಸಿದರು. ಕ್ಯಾನ್ಸರ್ ಕೇಂದ್ರದಲ್ಲಿ ಉಚಿತ ಪ್ರಾಸ್ಟೇಟ್ ತಪಾಸಣಾ ಶಿಬಿರವನ್ನೂ ಆಯೋಜಿಸಲಾಗಿತ್ತು. ಪ್ರಾಸ್ಟೇಟ್ ಕ್ಯಾನ್ಸರ್ ಕುರಿತು ತಜ್ಞರು ಮಾಹಿತಿ ನೀಡಿದರು. ಸೈಕ್ಲೋಥಾನ್ ನಂತಹ ಕಾರ್ಯಕ್ರಮಗಳು ಆರೋಗ್ಯದ ಜಾಗೃತಿ ಮೂಡಿಸುವಲ್ಲಿ ಮಹತ್ವದ ಪಾತ್ರ ವಹಿಸುತ್ತವೆ. ಮುಂದಿನ ದಿನಗಳಲ್ಲಿ ಇಂತಹ ಹೆಚ್ಚಿನ ಕಾರ್ಯಕ್ರಮಗಳನ್ನು ಆಯೋಜಿಸಲಾಗುವುದು ಎಂದು HCG ಕ್ಯಾನ್ಸರ್ ಕೇಂದ್ರದ ಪ್ರತಿನಿಧಿಗಳು ತಿಳಿಸಿದರು.

ಜಯಶ್ರೀ.ಬಿ.ಆರ್
ಖ್ಯಾತ ಜ್ಯೋತಿಷಿ
ಮೊಬೈಲ್–9964739507
www.jyotishyavaastu.com
ರಾಶಿ ಭವಿಷ್ಯ
♈
ಮೇಷ

ಮೇಷ: ಅಧಿಕ ಖರ್ಚು, ಪರರಿಂದ ಮೋಸ, ಉದ್ಯೋಗದಲ್ಲಿ ತೊಂದರೆ, ಶತ್ರು ನಾಶ, ಉದ್ಯೋಗದಲ್ಲಿ ಕಿರಿಕಿರಿ.

♉
ವೃಷಭ

ವೃಷಭ: ವ್ಯಾಪಾರದಲ್ಲಿ ಅಲ್ಪ ಲಾಭ, ಕುಟುಂಬ ಸೌಖ್ಯ, ಮಿತ ಭೋಜನ, ಉಪನ್ಯಾಸಕರಿಗೆ ಗೌರವ.

♊
ಮಿಥುನ

ಮಿಥುನ: ಸ್ತ್ರೀ ವಿಚಾರದಲ್ಲಿ ಕಲಹ, ಸ್ವಯಂಕೃತ ಅಪರಾಧ, ಮಾನಸಿಕ ವ್ಯಥೆ, ವಾದ ವಿವಾದ.

♋
ಕಟಕ

ಕಟಕ: ಮನೆಯಲ್ಲಿ ಸಂತಸ, ಋಣ ಬಾಧೆ, ಕೃಷಿಕರಿಗೆ ಲಾಭ, ಅನಾರೋಗ್ಯ, ಮಕ್ಕಳಿಗೆ ನಾನಾ ರೀತಿಯ ಚಿಂತೆ, ದ್ರವ್ಯ ನಷ್ಟ.

♌
ಸಿಂಹ

ಸಿಂಹ: ಶರೀರದಲ್ಲಿ ನೋವು, ದುಃಖ, ಸಾಲ ಬಾಧೆ, ವಿದ್ಯಾರ್ಥಿಗಳಲ್ಲಿ ಓತ್ತಡ, ಕುಟುಂಬದಲ್ಲಿ ಪ್ರೀತಿ, ಆಕಸ್ಮಿಕ ಧನ ವ್ಯಯ.

♍
ಕನ್ಯಾ

ಕನ್ಯಾ: ಆರೋಗ್ಯದ ಕಡೆ ಗಮನ ಕೊಡಿ, ಕೆಟ್ಟ ಸಹವಾಸದಿಂದ ತೊಂದರೆ, ಹಿರಿಯರಲ್ಲಿ ಭಕ್ತಿ ಗೌರವ.

♎
ತುಲಾ

ತುಲಾ: ಮಿತ್ರರ ಸಹಕಾರ, ವಾಹನ ಖರೀದಿ, ತಾಳ್ಮೆಯಿಂದ ಇರಿ, ಸಣ್ಣ ಪುಟ್ಟ ವಿಚಾರಗಳಲ್ಲಿ ಕಲಹ.

♏
ವೃಶ್ಚಿಕ

ವೃಶ್ಚಿಕ: ಬಂಧುಗಳ ನಂಬಿಕೆ, ಶೀತ ಬಾಧೆ, ಕೆಲಸ ಕಾರ್ಯಗಳಲ್ಲಿ ಪ್ರಗತಿ, ಧನ ನಷ್ಟ, ಮನಸ್ತಾಪ, ಅಕಾಲ ಭೋಜನ.

♐
ಧನಸ್ಸು

ಧನಸ್ಸು: ಆರ್ಥಿಕ ಪರಿಸ್ಥಿತಿ ಉತ್ತಮ, ವಿಳಂಬ ಕೆಲಸಗಳು ಪೂರ್ಣ, ಮಾನಸಿಕ ನೆಮ್ಮದಿ, ಗೊಂದಲ.

♑
ಮಕರ

ಮಕರ: ದೂರ ಪ್ರಯಾಣ, ಉದ್ಯೋಗದಲ್ಲಿ ಬಡ್ತಿ, ಮನಸ್ಸಿಗೆ ನೆಮ್ಮದಿ, ನಿಗೂಢ ಕಲಹ.

♒
ಕುಂಭ

ಕುಂಭ: ಅನ್ಯ ಜನರಲ್ಲಿ ವೈಮನಸ್ಸು, ಹಿತ ಶತ್ರುಗಳಿಂದ ತೊಂದರೆ, ಉತ್ತಮ ಬುದ್ಧಿಶಕ್ತಿ, ಆರೋಗ್ಯ.

♓
ಮೀನ

ಮೀನ: ಅನ್ಯರಿಗೆ ಉಪಕಾರ ಮಾಡುವಿರಿ, ಮಿತ್ರರಿಂದ ಸಹಾಯ, ದ್ರವ್ಯಲಾಭ, ಸ್ಥಿರಾಸ್ತಿ ಲಾಭ.

ಪ್ರತಿ ವರ್ಷ ನವೆಂಬರ್ 26 ರಂದು ಅಂತಾರಾಷ್ಟ್ರೀಯ ಕೇಕ್ ದಿನವನ್ನು ಆಚರಿಸಲಾಗುತ್ತದೆ. ಕೇಕ್ ಸಾಮಾನ್ಯವಾಗಿ ಹುಟ್ಟುಹಬ್ಬ, ಮದುವೆ ಮತ್ತು ವಿಶೇಷ ಸಂದರ್ಭಗಳ ಆಚರಣೆಯ ಅವಿಭಾಜ್ಯ ಅಂಗವಾಗಿದೆ. ಹಲವು ಬಗೆಯ ರುಚಿಗಳಲ್ಲಿ ಕೇಕ್ ಗಳು ಲಭ್ಯವಿವೆ. ಕೇಕ್ ಗಳ ಇತಿಹಾಸ ಸಾವಿರಾರು ವರ್ಷಗಳಷ್ಟು ಹಳೆಯದು. ಪ್ರಾಚೀನ ಈಜಿಪ್ಟಿನವರು ಮೊದಲು ಕೇಕ್ ತಯಾರಿಸಿದರು ಎನ್ನಲಾಗುತ್ತದೆ. ಕೇಕ್ ಎಂಬ ಪದ ಹಳೆಯ ನಾರ್ಸ್ ಪದ 'ಕಾಕಾ' ದಿಂದ ಬಂದಿದೆ. ಮಧ್ಯಕಾಲೀನ ಯುರೋಪಿನಲ್ಲಿ ಬೇಕರ್ ಗಳು ಹಣ್ಣು ಮತ್ತು ಬೀಜಗಳನ್ನು ಸೇರಿಸಿ ಕೇಕ್ ಗಳನ್ನು ತಯಾರಿಸುತ್ತಿದ್ದರು. ಇಂದು ಕೇಕ್ ಪ್ರಪಂಚದಾದ್ಯಂತ ಜನಪ್ರಿಯ ಸಿಹಿತಿಂಡಿಯಾಗಿದೆ. ಕೇಕ್ ದಿನದಂದು ಜನರು ತಮ್ಮ ನೆಚ್ಚಿನ ಕೇಕ್ ಗಳನ್ನು ತಯಾರಿಸಿ ಪ್ರೀತಿಪಾತ್ರರೊಂದಿಗೆ ಹಂಚಿಕೊಳ್ಳುತ್ತಾರೆ.

ಇಂಟರ್ ನ್ಯಾಷನಲ್ ಕೇಕ್ ದಿನ
International
CAKE DAY

ವಿಧ್ವನ್ನ ಹೆಸರನ್ನು ಪಡೆದುಕೊಂಡಿತು ಮತ್ತು ಇದು 'ಪ್ಲಾಸೆಂಟಾ' ಕೇಕ್ ಎಂದು ಪರಿಚಿತ. ಜಗತ್ತಿನ ವಿವಿಧ ಭಾಗಗಳಲ್ಲಿ ಹಲವು ವಿಧದ ಕೇಕ್ ಗಳು ಜನಪ್ರಿಯವಾಗಿವೆ. ಚಾಕೊಲೇಟ್ ಕೇಕ್, ವೆನಿಲ್ಲಾ ಕೇಕ್, ರೆಡ್ ವೆಲ್ವೆಟ್, ಬ್ಲ್ಯಾಕ್ ಫಾರೆಸ್ಟ್ ಹಾಗೂ ಚೀಸ್ ಕೇಕ್ ಗಳು ಹೆಚ್ಚು ಜನಪ್ರಿಯ. ಇದು ಒಂದು ಆತ್ಮೀಯ ದಿನವಾಗಿದ್ದು ಸಣ್ಣ ಕೆಫೆಗಳಿಂದ ದೊಡ್ಡ ಬೇಕರಿಗಳವರೆಗೆ ಎಲ್ಲೆಡೆ ಕೇಕ್ ಗಳನ್ನು ವಿಶೇಷವಾಗಿ ತಯಾರಿಸಲಾಗುತ್ತದೆ. ಇಂಗ್ಲೆಂಡ್ ನಲ್ಲಿ ಆರಂಭಿಕ ಕೇಕ್ ಗಳು ಹಣ್ಣಿನ ಕೇಕ್ ಗಳಾಗಿದ್ದವು. ಈ ದಿನವನ್ನು ಆಚರಿಸುವ ಮೂಲಕ ಜನರು ಕೇಕ್ ನ ಸಂತೋಷವನ್ನು ಹಂಚಿಕೊಳ್ಳುತ್ತಾರೆ ಮತ್ತು ಬೇಕಿಂಗ್ ಕಲೆಯನ್ನು ಗೌರವಿಸುತ್ತಾರೆ.
